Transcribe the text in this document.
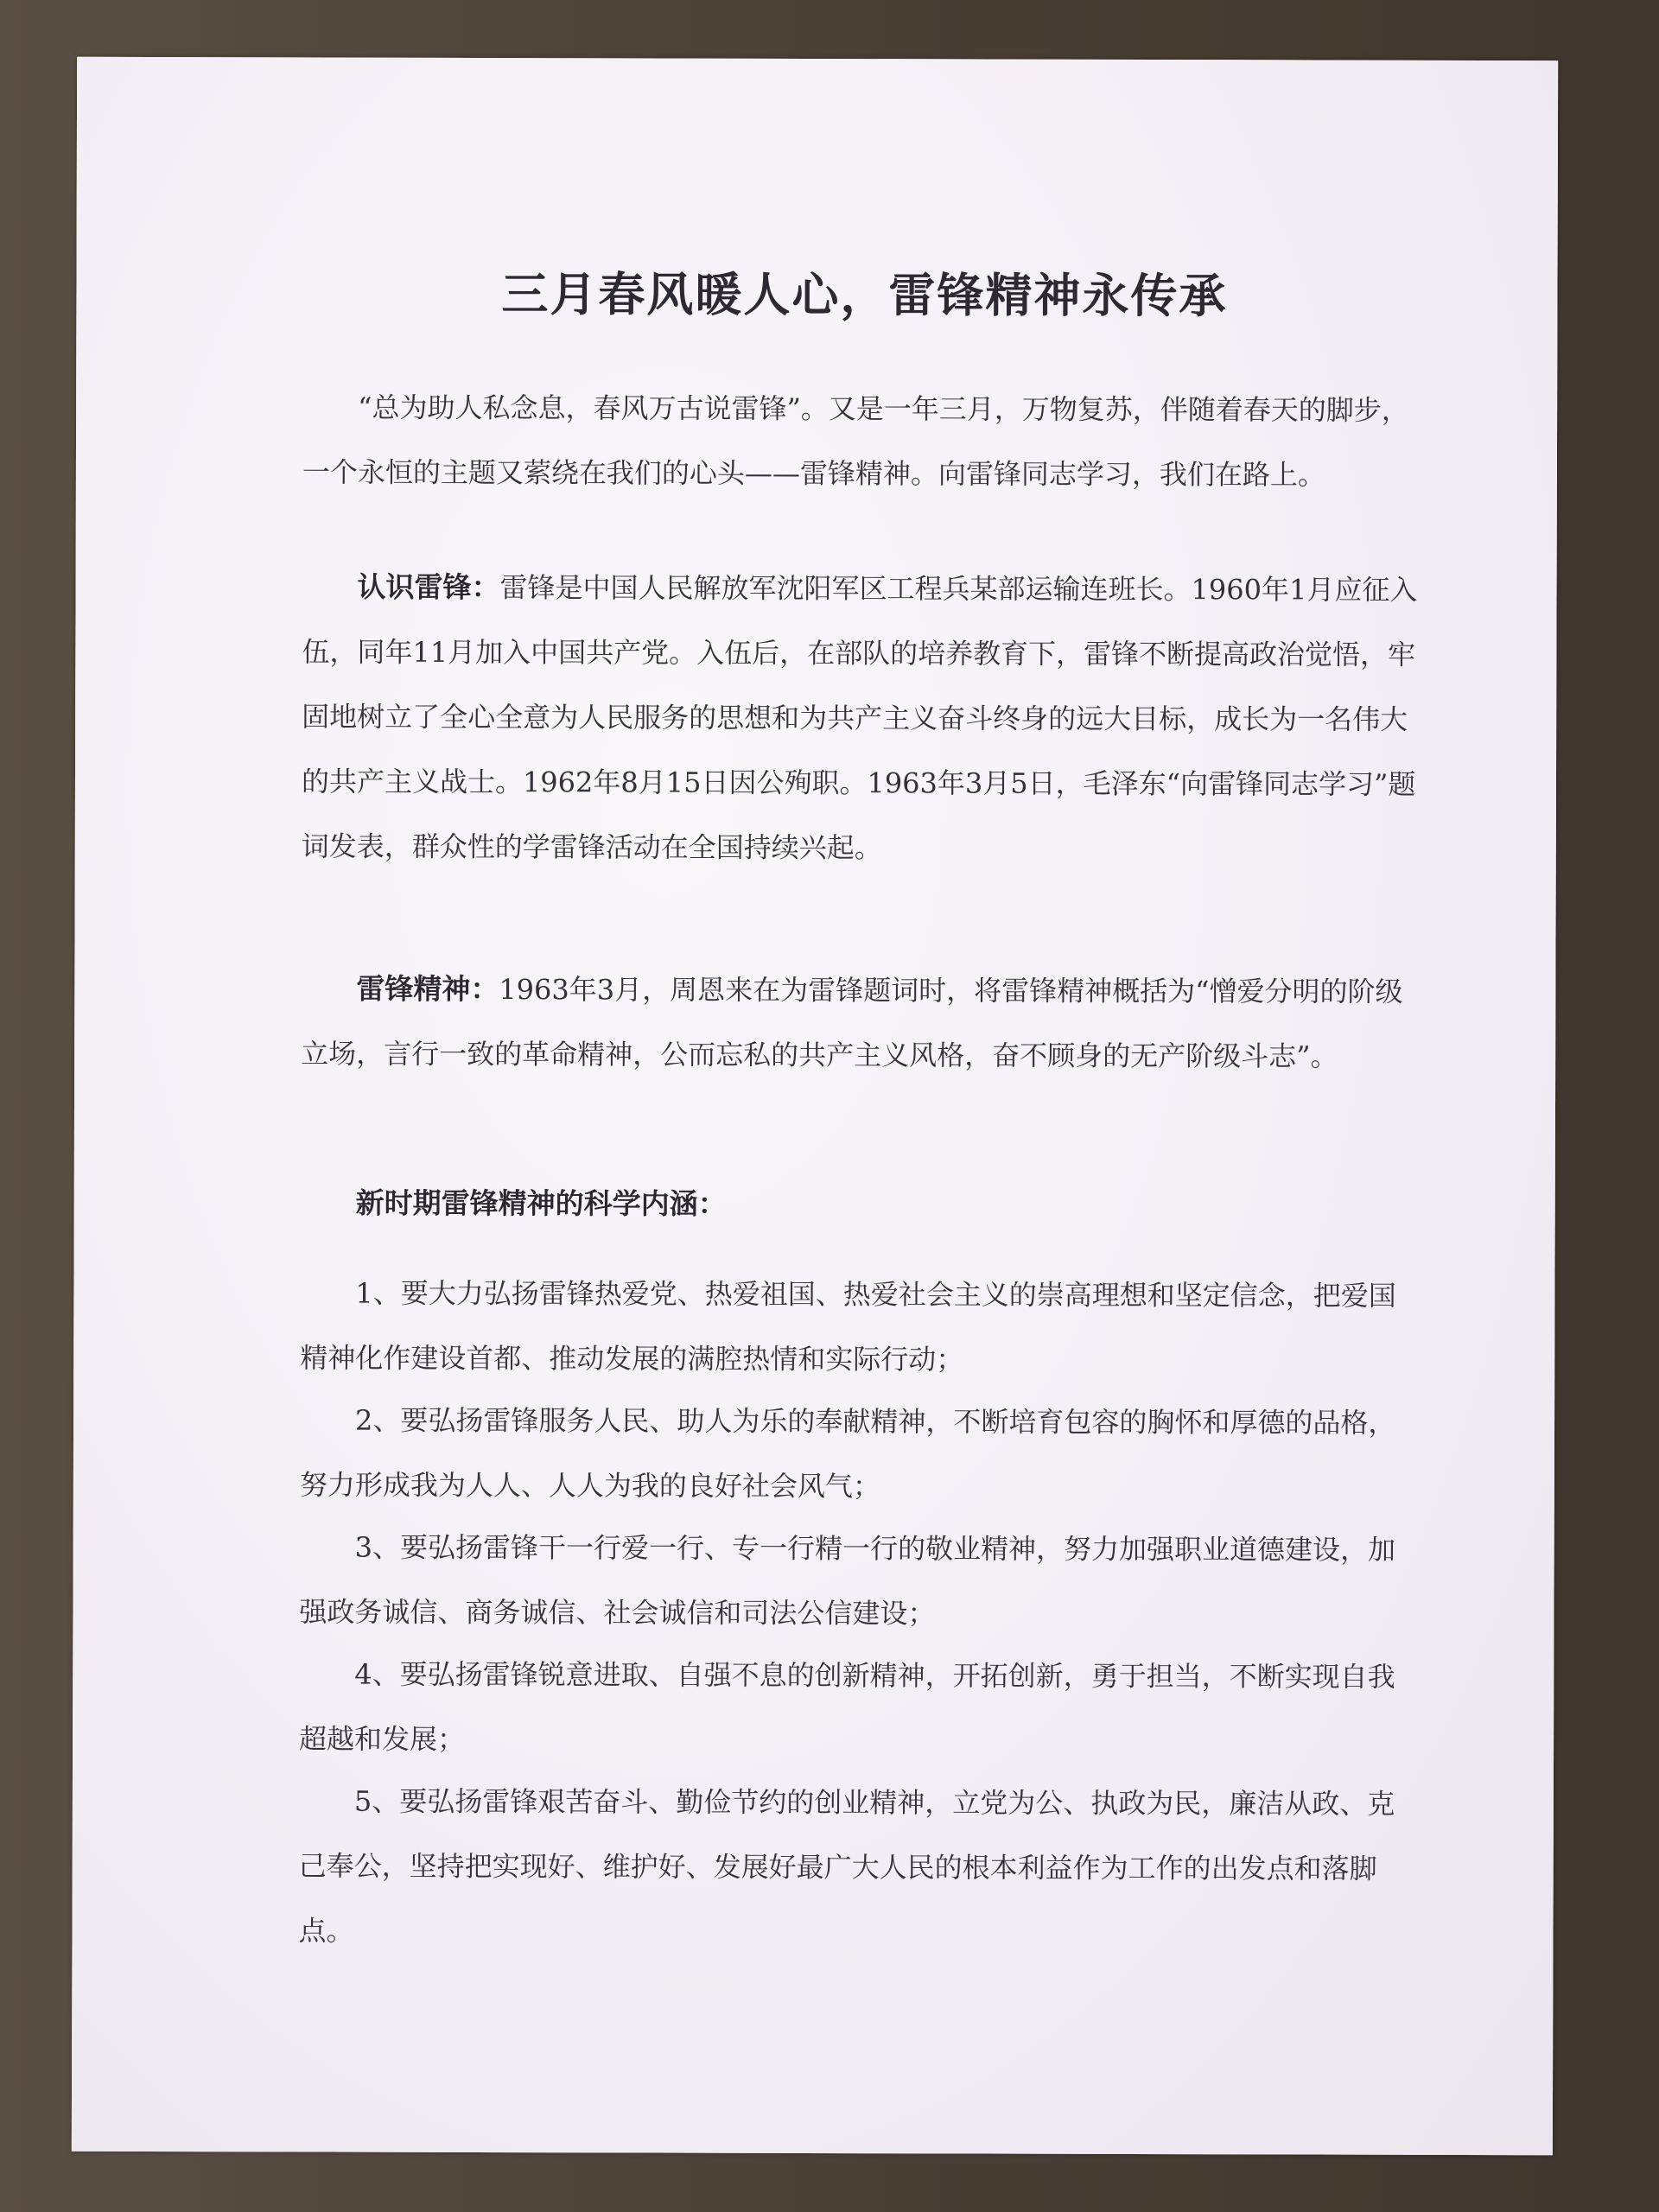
三月春风暖人心，雷锋精神永传承

“总为助人私念息，春风万古说雷锋”。又是一年三月，万物复苏，伴随着春天的脚步，一个永恒的主题又萦绕在我们的心头——雷锋精神。向雷锋同志学习，我们在路上。

认识雷锋：雷锋是中国人民解放军沈阳军区工程兵某部运输连班长。1960年1月应征入伍，同年11月加入中国共产党。入伍后，在部队的培养教育下，雷锋不断提高政治觉悟，牢固地树立了全心全意为人民服务的思想和为共产主义奋斗终身的远大目标，成长为一名伟大的共产主义战士。1962年8月15日因公殉职。1963年3月5日，毛泽东“向雷锋同志学习”题词发表，群众性的学雷锋活动在全国持续兴起。

雷锋精神：1963年3月，周恩来在为雷锋题词时，将雷锋精神概括为“憎爱分明的阶级立场，言行一致的革命精神，公而忘私的共产主义风格，奋不顾身的无产阶级斗志”。

新时期雷锋精神的科学内涵：

1、要大力弘扬雷锋热爱党、热爱祖国、热爱社会主义的崇高理想和坚定信念，把爱国精神化作建设首都、推动发展的满腔热情和实际行动；

2、要弘扬雷锋服务人民、助人为乐的奉献精神，不断培育包容的胸怀和厚德的品格，努力形成我为人人、人人为我的良好社会风气；

3、要弘扬雷锋干一行爱一行、专一行精一行的敬业精神，努力加强职业道德建设，加强政务诚信、商务诚信、社会诚信和司法公信建设；

4、要弘扬雷锋锐意进取、自强不息的创新精神，开拓创新，勇于担当，不断实现自我超越和发展；

5、要弘扬雷锋艰苦奋斗、勤俭节约的创业精神，立党为公、执政为民，廉洁从政、克己奉公，坚持把实现好、维护好、发展好最广大人民的根本利益作为工作的出发点和落脚点。
